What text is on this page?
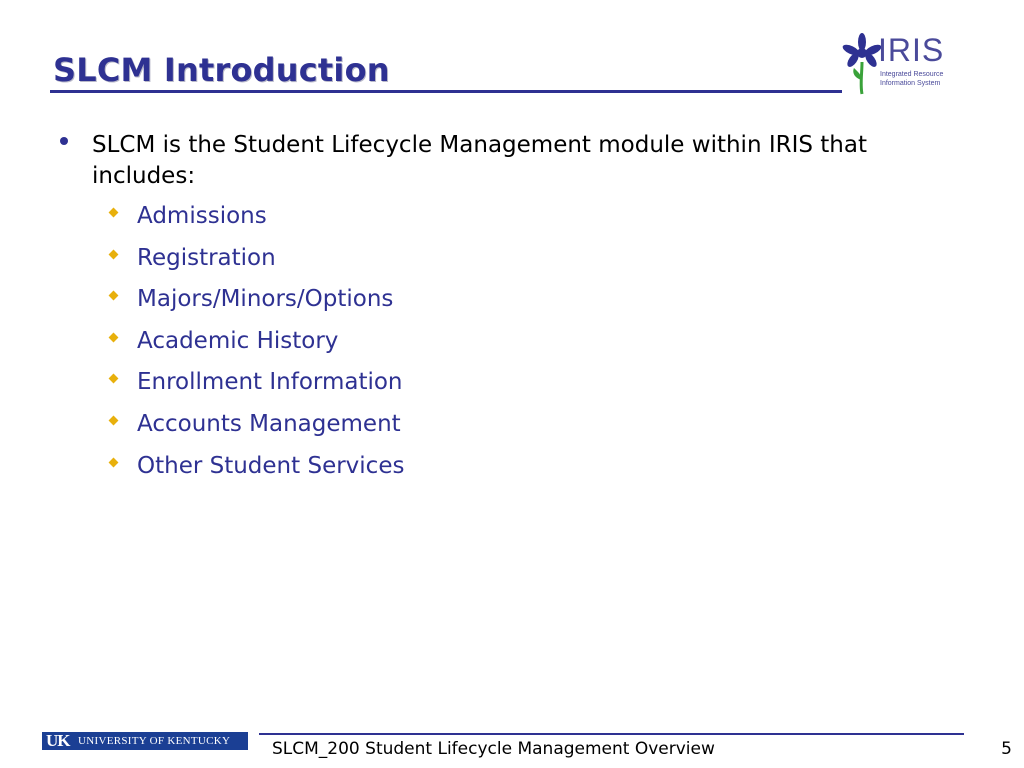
SLCM Introduction
IRIS
Integrated Resource
Information System
SLCM is the Student Lifecycle Management module within IRIS that includes:
Admissions
Registration
Majors/Minors/Options
Academic History
Enrollment Information
Accounts Management
Other Student Services
UK UNIVERSITY OF KENTUCKY SLCM_200 Student Lifecycle Management Overview	5
